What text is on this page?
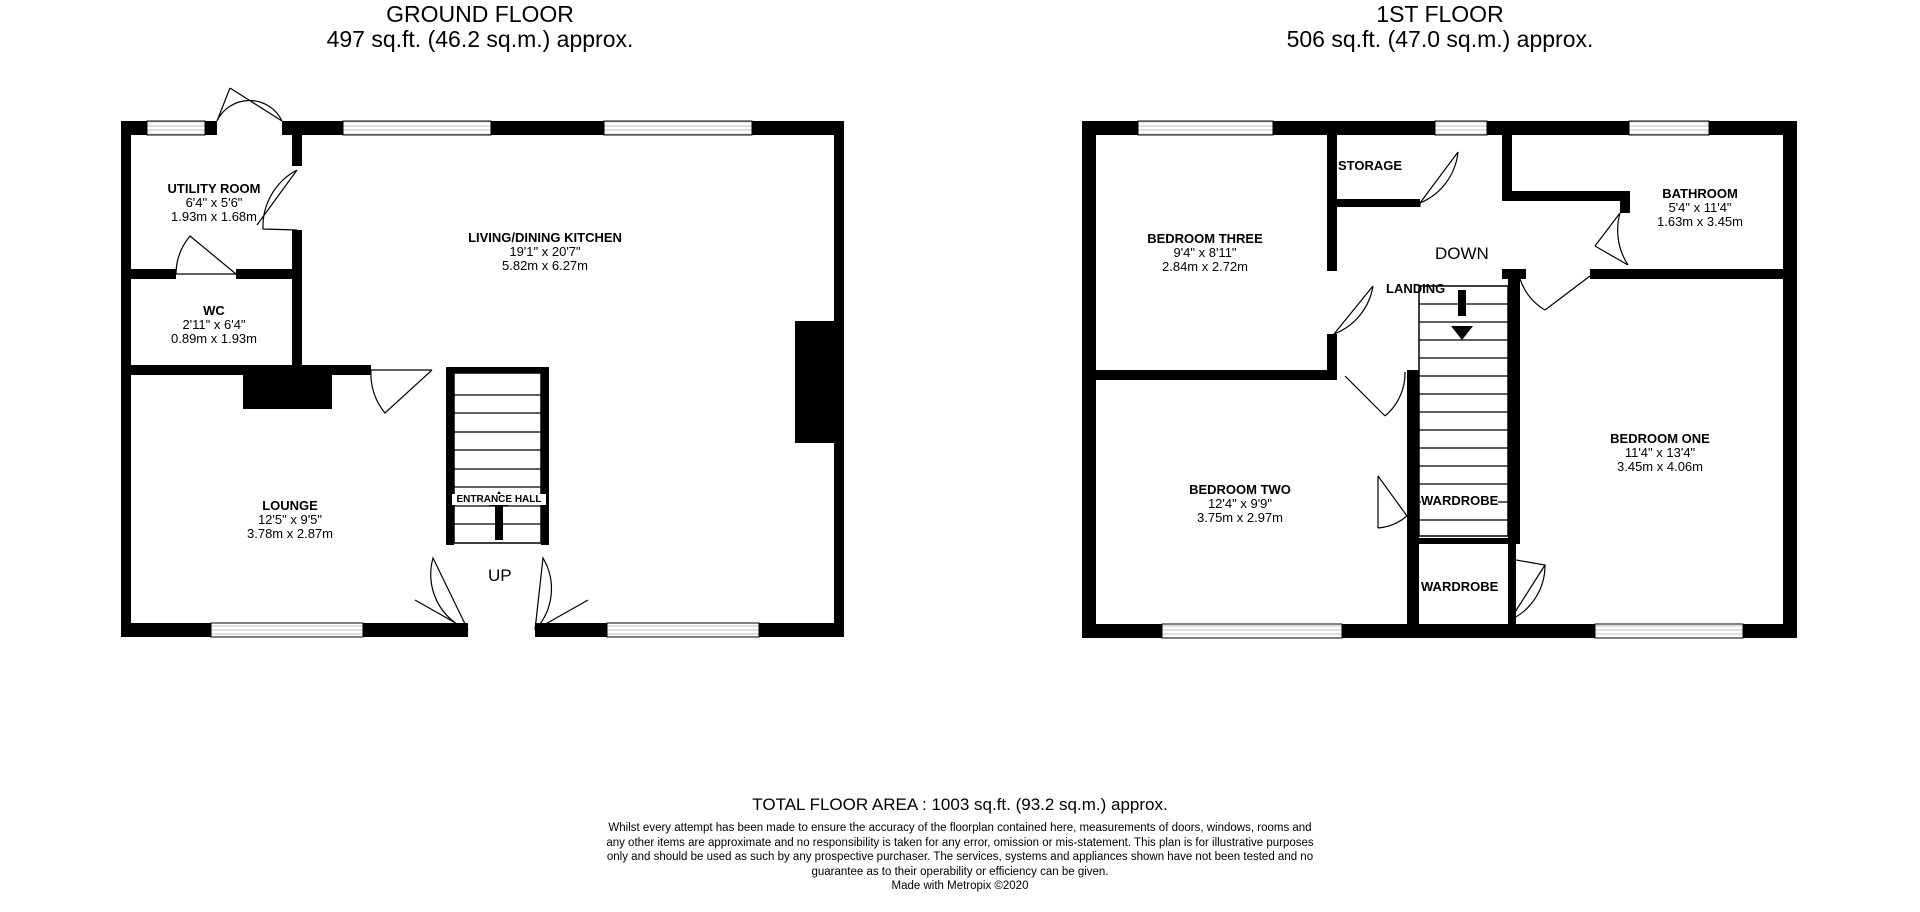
GROUND FLOOR
497 sq.ft. (46.2 sq.m.) approx.
1ST FLOOR
506 sq.ft. (47.0 sq.m.) approx.
UTILITY ROOM
6'4" x 5'6"
1.93m x 1.68m
WC
2'11" x 6'4"
0.89m x 1.93m
LIVING/DINING KITCHEN
19'1" x 20'7"
5.82m x 6.27m
LOUNGE
12'5" x 9'5"
3.78m x 2.87m
ENTRANCE HALL
UP
BEDROOM THREE
9'4" x 8'11"
2.84m x 2.72m
BATHROOM
5'4" x 11'4"
1.63m x 3.45m
BEDROOM TWO
12'4" x 9'9"
3.75m x 2.97m
BEDROOM ONE
11'4" x 13'4"
3.45m x 4.06m
STORAGE
LANDING
DOWN
WARDROBE
WARDROBE
TOTAL FLOOR AREA : 1003 sq.ft. (93.2 sq.m.) approx.
Whilst every attempt has been made to ensure the accuracy of the floorplan contained here, measurements of doors, windows, rooms and any other items are approximate and no responsibility is taken for any error, omission or mis-statement. This plan is for illustrative purposes only and should be used as such by any prospective purchaser. The services, systems and appliances shown have not been tested and no guarantee as to their operability or efficiency can be given.
Made with Metropix ©2020
